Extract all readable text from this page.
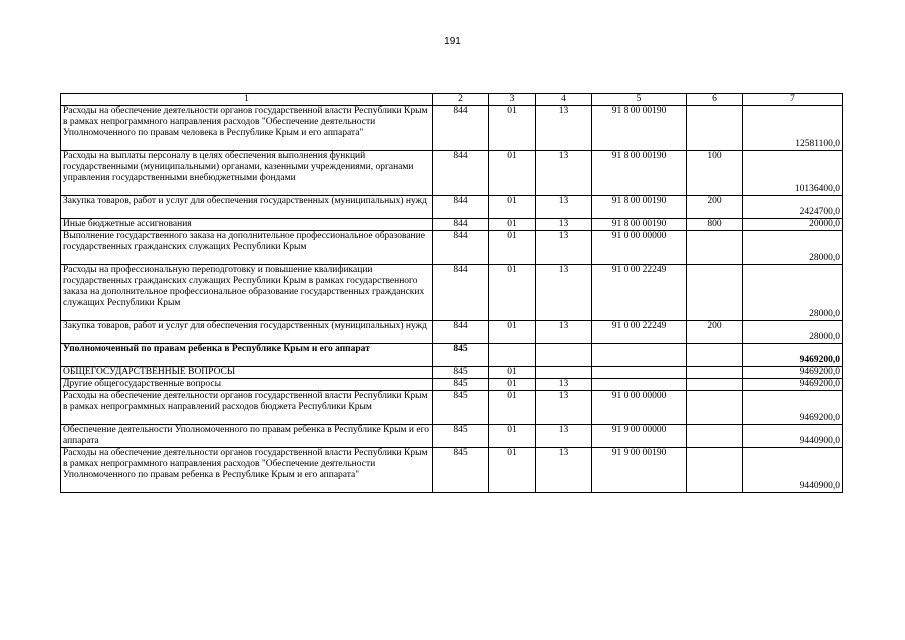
191
1	2	3	4	5	6	7
Расходы на обеспечение деятельности органов государственной власти Республики Крым в рамках непрограммного направления расходов "Обеспечение деятельности Уполномоченного по правам человека в Республике Крым и его аппарата"	844	01	13	91 8 00 00190		12581100,0
Расходы на выплаты персоналу в целях обеспечения выполнения функций государственными (муниципальными) органами, казенными учреждениями, органами управления государственными внебюджетными фондами	844	01	13	91 8 00 00190	100	10136400,0
Закупка товаров, работ и услуг для обеспечения государственных (муниципальных) нужд	844	01	13	91 8 00 00190	200	2424700,0
Иные бюджетные ассигнования	844	01	13	91 8 00 00190	800	20000,0
Выполнение государственного заказа на дополнительное профессиональное образование государственных гражданских служащих Республики Крым	844	01	13	91 0 00 00000		28000,0
Расходы на профессиональную переподготовку и повышение квалификации государственных гражданских служащих Республики Крым в рамках государственного заказа на дополнительное профессиональное образование государственных гражданских служащих Республики Крым	844	01	13	91 0 00 22249		28000,0
Закупка товаров, работ и услуг для обеспечения государственных (муниципальных) нужд	844	01	13	91 0 00 22249	200	28000,0
Уполномоченный по правам ребенка в Республике Крым и его аппарат	845					9469200,0
ОБЩЕГОСУДАРСТВЕННЫЕ ВОПРОСЫ	845	01				9469200,0
Другие общегосударственные вопросы	845	01	13			9469200,0
Расходы на обеспечение деятельности органов государственной власти Республики Крым в рамках непрограммных направлений расходов бюджета Республики Крым	845	01	13	91 0 00 00000		9469200,0
Обеспечение деятельности Уполномоченного по правам ребенка в Республике Крым и его аппарата	845	01	13	91 9 00 00000		9440900,0
Расходы на обеспечение деятельности органов государственной власти Республики Крым в рамках непрограммного направления расходов "Обеспечение деятельности Уполномоченного по правам ребенка в Республике Крым и его аппарата"	845	01	13	91 9 00 00190		9440900,0
